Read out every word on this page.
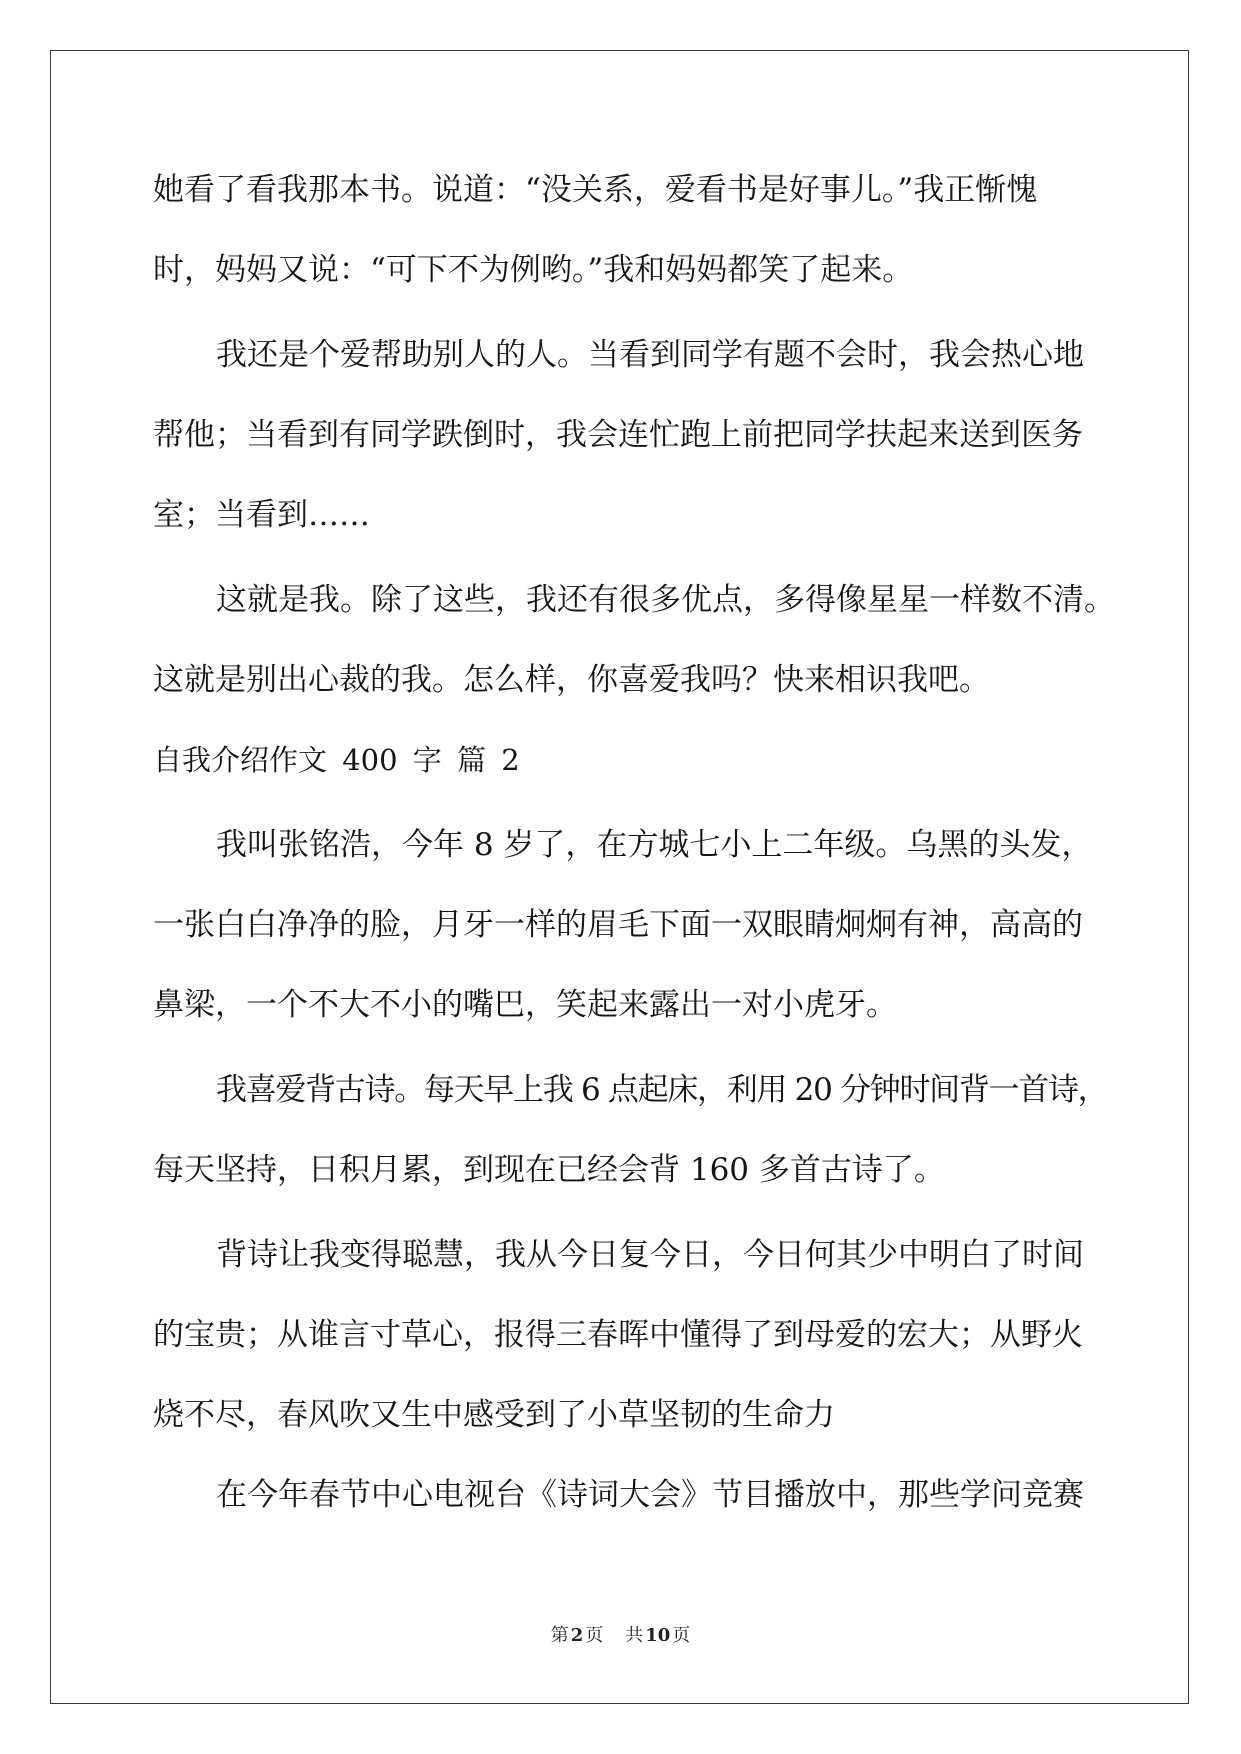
她看了看我那本书。说道：“没关系，爱看书是好事儿。”我正惭愧
时，妈妈又说：“可下不为例哟。”我和妈妈都笑了起来。
我还是个爱帮助别人的人。当看到同学有题不会时，我会热心地
帮他；当看到有同学跌倒时，我会连忙跑上前把同学扶起来送到医务
室；当看到……
这就是我。除了这些，我还有很多优点，多得像星星一样数不清。
这就是别出心裁的我。怎么样，你喜爱我吗？快来相识我吧。
自我介绍作文 400 字 篇 2
我叫张铭浩，今年 8 岁了，在方城七小上二年级。乌黑的头发，
一张白白净净的脸，月牙一样的眉毛下面一双眼睛炯炯有神，高高的
鼻梁，一个不大不小的嘴巴，笑起来露出一对小虎牙。
我喜爱背古诗。每天早上我 6 点起床，利用 20 分钟时间背一首诗，
每天坚持，日积月累，到现在已经会背 160 多首古诗了。
背诗让我变得聪慧，我从今日复今日，今日何其少中明白了时间
的宝贵；从谁言寸草心，报得三春晖中懂得了到母爱的宏大；从野火
烧不尽，春风吹又生中感受到了小草坚韧的生命力
在今年春节中心电视台《诗词大会》节目播放中，那些学问竞赛
第 2 页 共 10 页
